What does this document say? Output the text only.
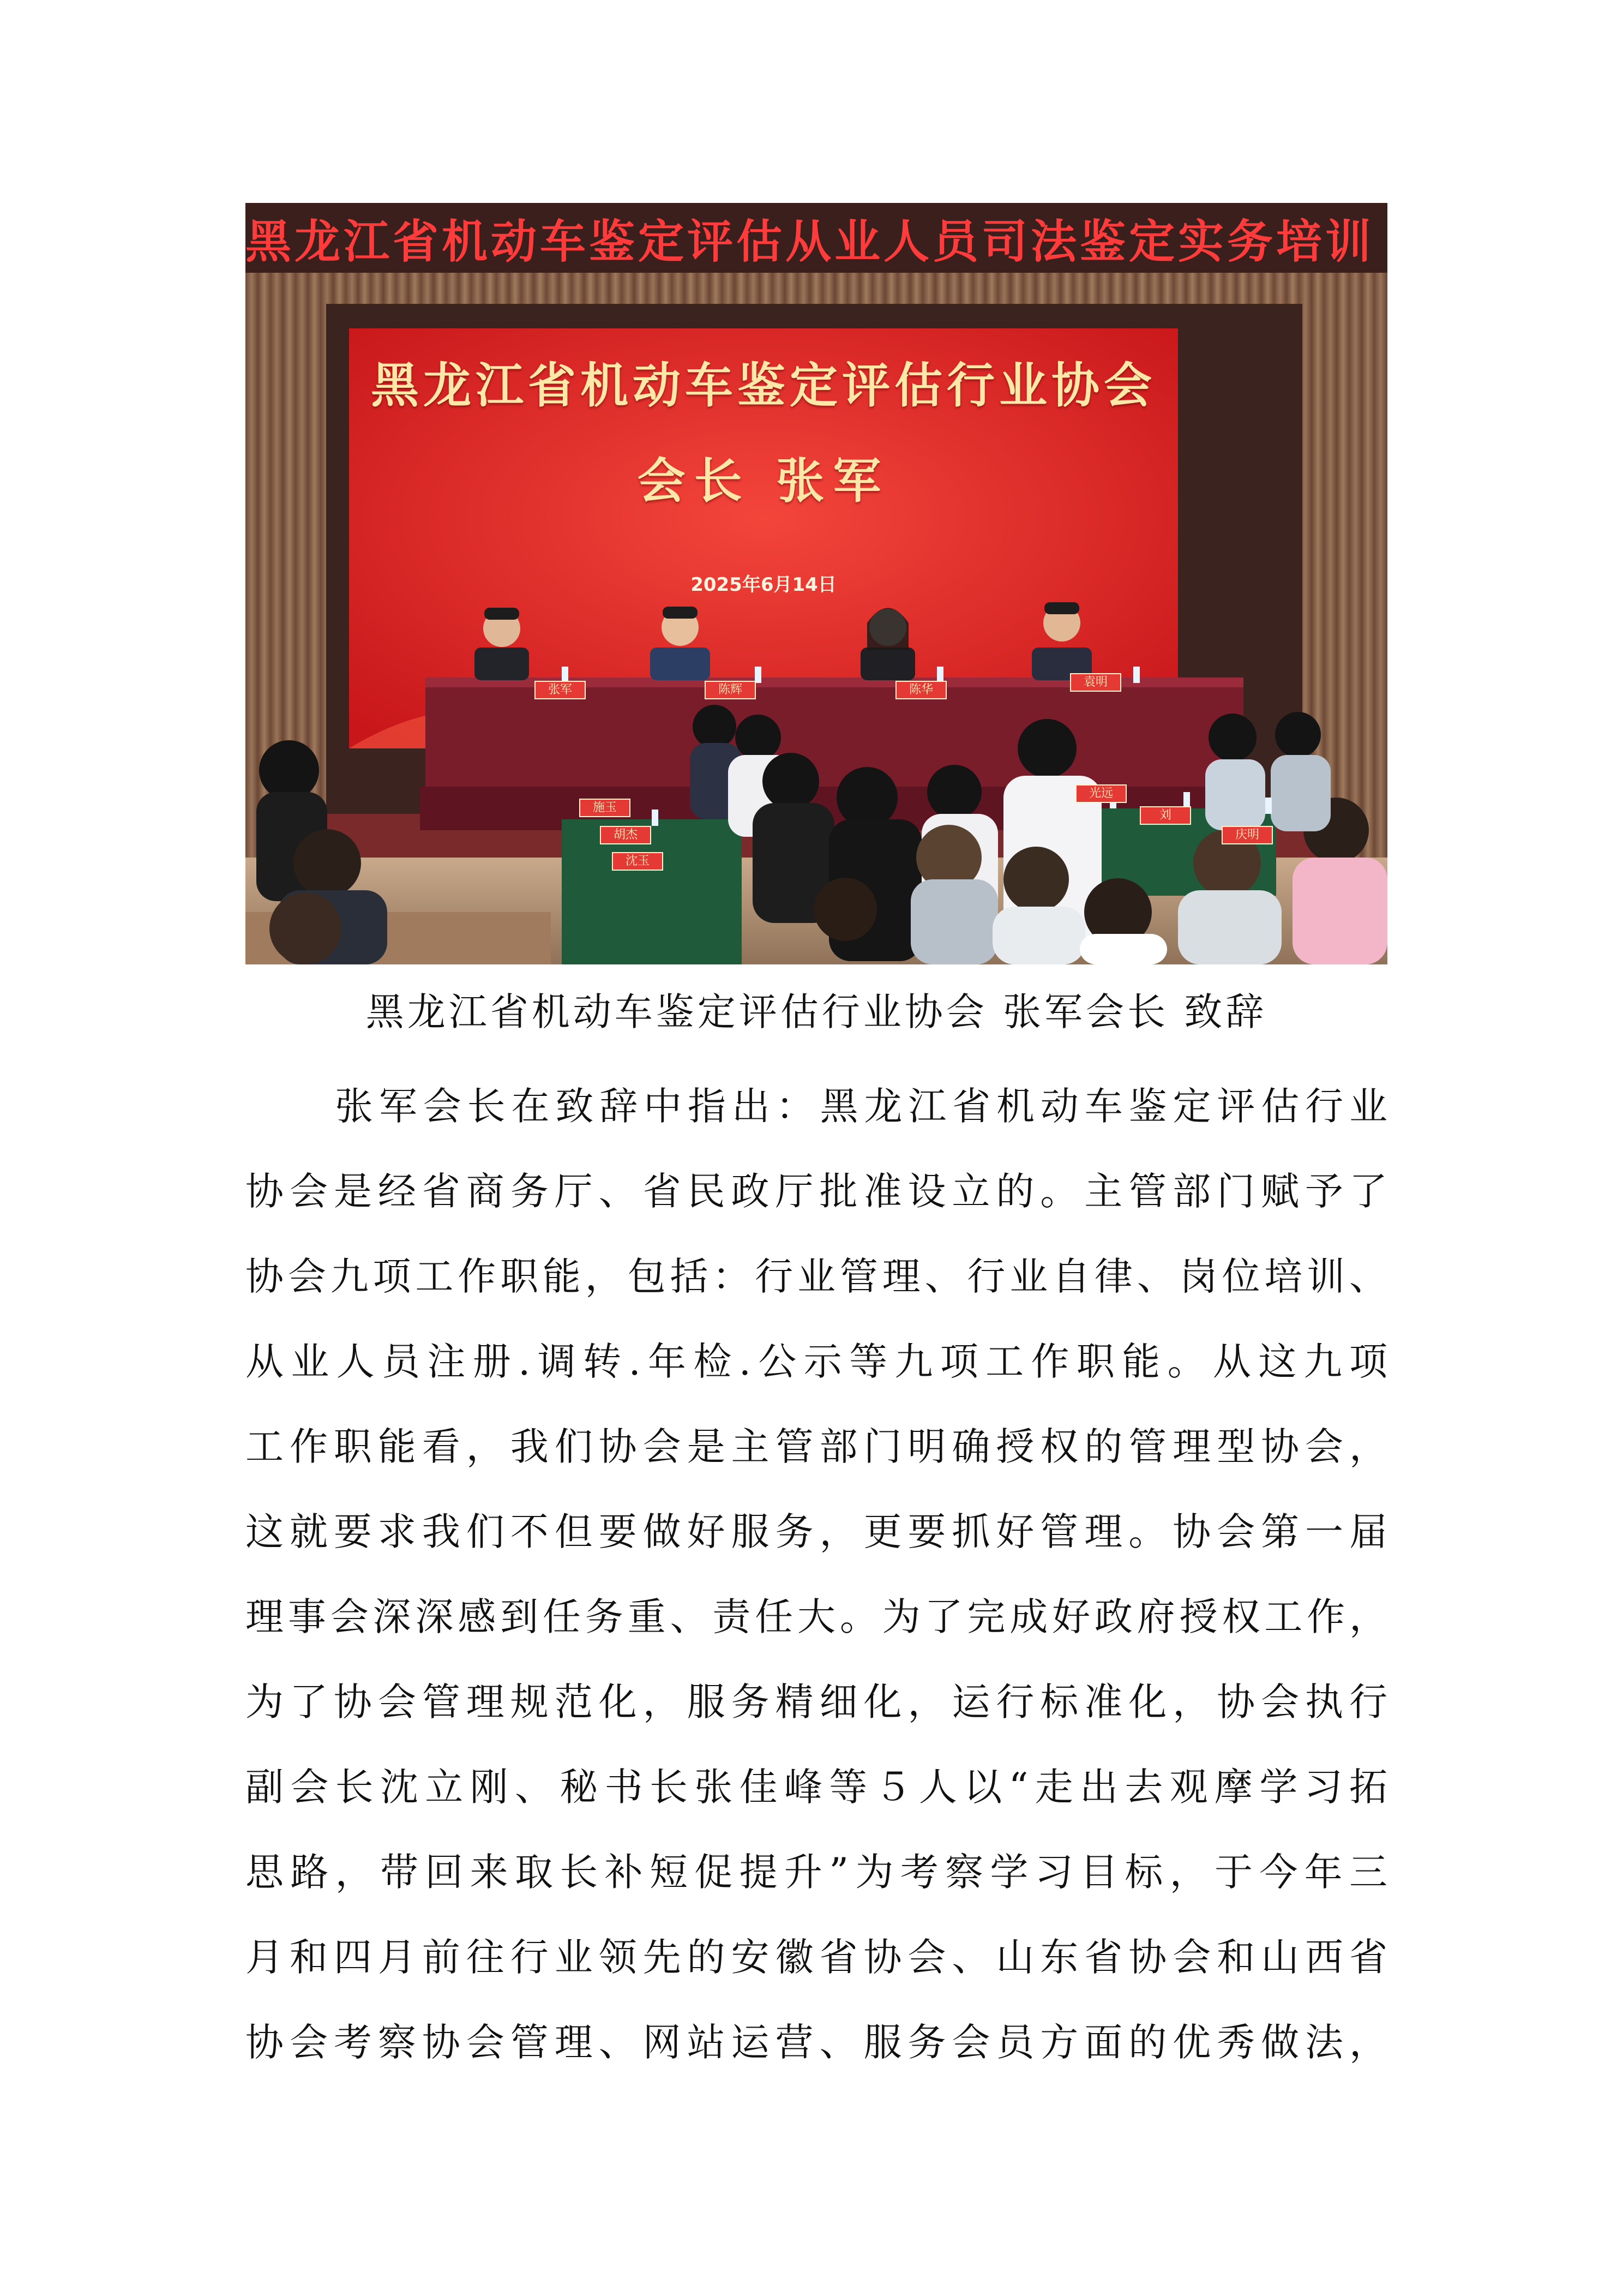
黑龙江省机动车鉴定评估从业人员司法鉴定实务培训
黑龙江省机动车鉴定评估行业协会
会长 张军
2025年6月14日
张军	陈辉	陈华
袁明
施玉
胡杰
沈玉
光远
刘
庆明
黑龙江省机动车鉴定评估行业协会 张军会长 致辞

张军会长在致辞中指出：黑龙江省机动车鉴定评估行业

协会是经省商务厅、省民政厅批准设立的。主管部门赋予了

协会九项工作职能，包括：行业管理、行业自律、岗位培训、

从业人员注册.调转.年检.公示等九项工作职能。从这九项

工作职能看，我们协会是主管部门明确授权的管理型协会，

这就要求我们不但要做好服务，更要抓好管理。协会第一届

理事会深深感到任务重、责任大。为了完成好政府授权工作，

为了协会管理规范化，服务精细化，运行标准化，协会执行

副会长沈立刚、秘书长张佳峰等５人以“走出去观摩学习拓

思路，带回来取长补短促提升”为考察学习目标，于今年三

月和四月前往行业领先的安徽省协会、山东省协会和山西省

协会考察协会管理、网站运营、服务会员方面的优秀做法，
